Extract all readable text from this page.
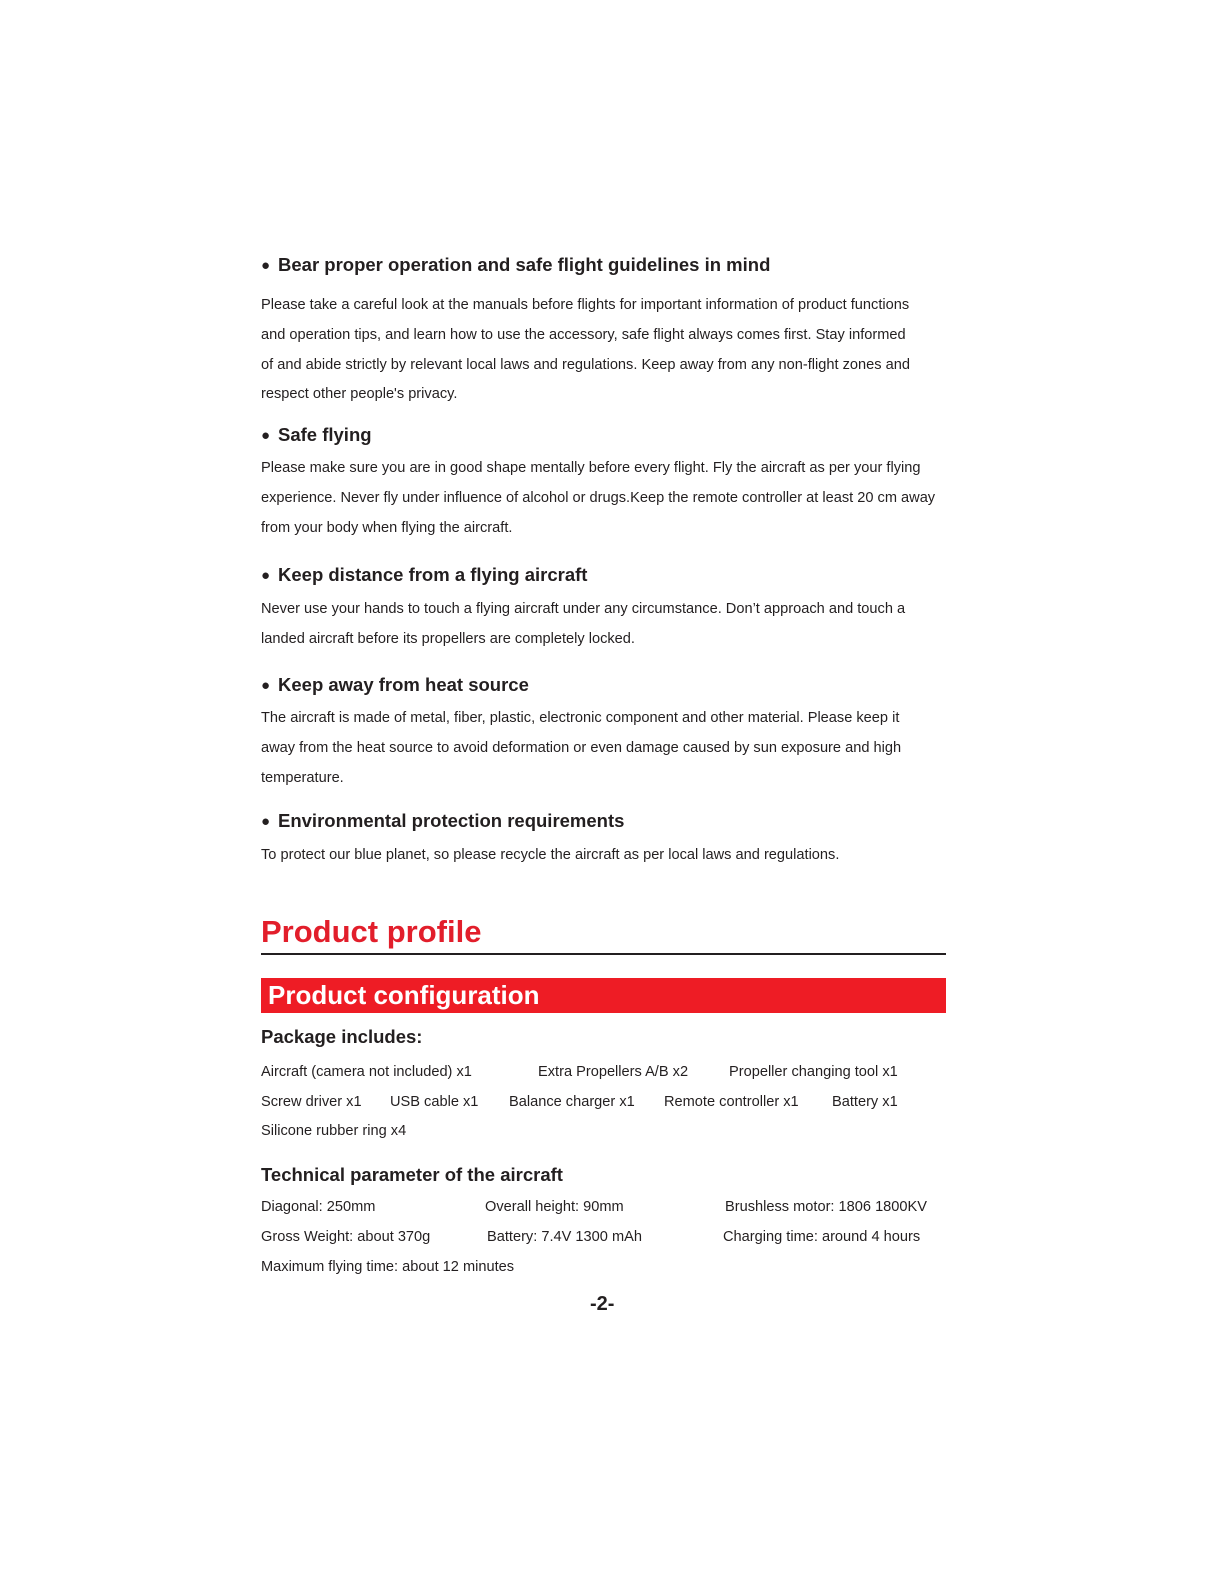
● Bear proper operation and safe flight guidelines in mind

Please take a careful look at the manuals before flights for important information of product functions
and operation tips, and learn how to use the accessory, safe flight always comes first. Stay informed
of and abide strictly by relevant local laws and regulations. Keep away from any non-flight zones and
respect other people's privacy.

● Safe flying

Please make sure you are in good shape mentally before every flight. Fly the aircraft as per your flying
experience. Never fly under influence of alcohol or drugs.Keep the remote controller at least 20 cm away
from your body when flying the aircraft.

● Keep distance from a flying aircraft

Never use your hands to touch a flying aircraft under any circumstance. Don’t approach and touch a
landed aircraft before its propellers are completely locked.

● Keep away from heat source

The aircraft is made of metal, fiber, plastic, electronic component and other material. Please keep it
away from the heat source to avoid deformation or even damage caused by sun exposure and high
temperature.

● Environmental protection requirements

To protect our blue planet, so please recycle the aircraft as per local laws and regulations.

Product profile
Product configuration
Package includes:
Aircraft (camera not included) x1	Extra Propellers A/B x2	Propeller changing tool x1
Screw driver x1 USB cable x1 Balance charger x1 Remote controller x1 Battery x1
Silicone rubber ring x4
Technical parameter of the aircraft
Diagonal: 250mm	Overall height: 90mm	Brushless motor: 1806 1800KV
Gross Weight: about 370g	Battery: 7.4V 1300 mAh	Charging time: around 4 hours
Maximum flying time: about 12 minutes
-2-
